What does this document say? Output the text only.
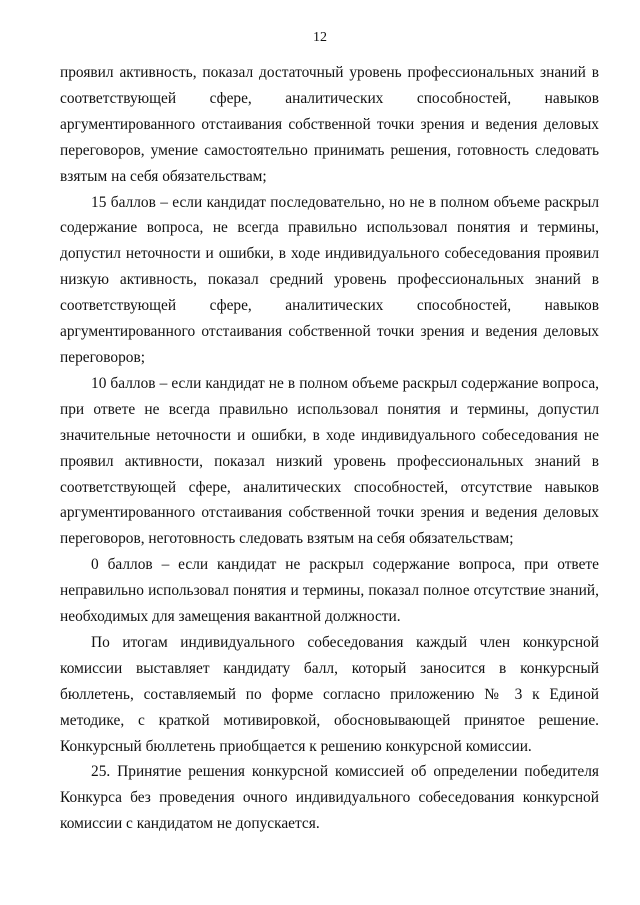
12

проявил активность, показал достаточный уровень профессиональных знаний в соответствующей сфере, аналитических способностей, навыков аргументированного отстаивания собственной точки зрения и ведения деловых переговоров, умение самостоятельно принимать решения, готовность следовать взятым на себя обязательствам;

15 баллов – если кандидат последовательно, но не в полном объеме раскрыл содержание вопроса, не всегда правильно использовал понятия и термины, допустил неточности и ошибки, в ходе индивидуального собеседования проявил низкую активность, показал средний уровень профессиональных знаний в соответствующей сфере, аналитических способностей, навыков аргументированного отстаивания собственной точки зрения и ведения деловых переговоров;

10 баллов – если кандидат не в полном объеме раскрыл содержание вопроса, при ответе не всегда правильно использовал понятия и термины, допустил значительные неточности и ошибки, в ходе индивидуального собеседования не проявил активности, показал низкий уровень профессиональных знаний в соответствующей сфере, аналитических способностей, отсутствие навыков аргументированного отстаивания собственной точки зрения и ведения деловых переговоров, неготовность следовать взятым на себя обязательствам;

0 баллов – если кандидат не раскрыл содержание вопроса, при ответе неправильно использовал понятия и термины, показал полное отсутствие знаний, необходимых для замещения вакантной должности.

По итогам индивидуального собеседования каждый член конкурсной комиссии выставляет кандидату балл, который заносится в конкурсный бюллетень, составляемый по форме согласно приложению № 3 к Единой методике, с краткой мотивировкой, обосновывающей принятое решение. Конкурсный бюллетень приобщается к решению конкурсной комиссии.

25. Принятие решения конкурсной комиссией об определении победителя Конкурса без проведения очного индивидуального собеседования конкурсной комиссии с кандидатом не допускается.
